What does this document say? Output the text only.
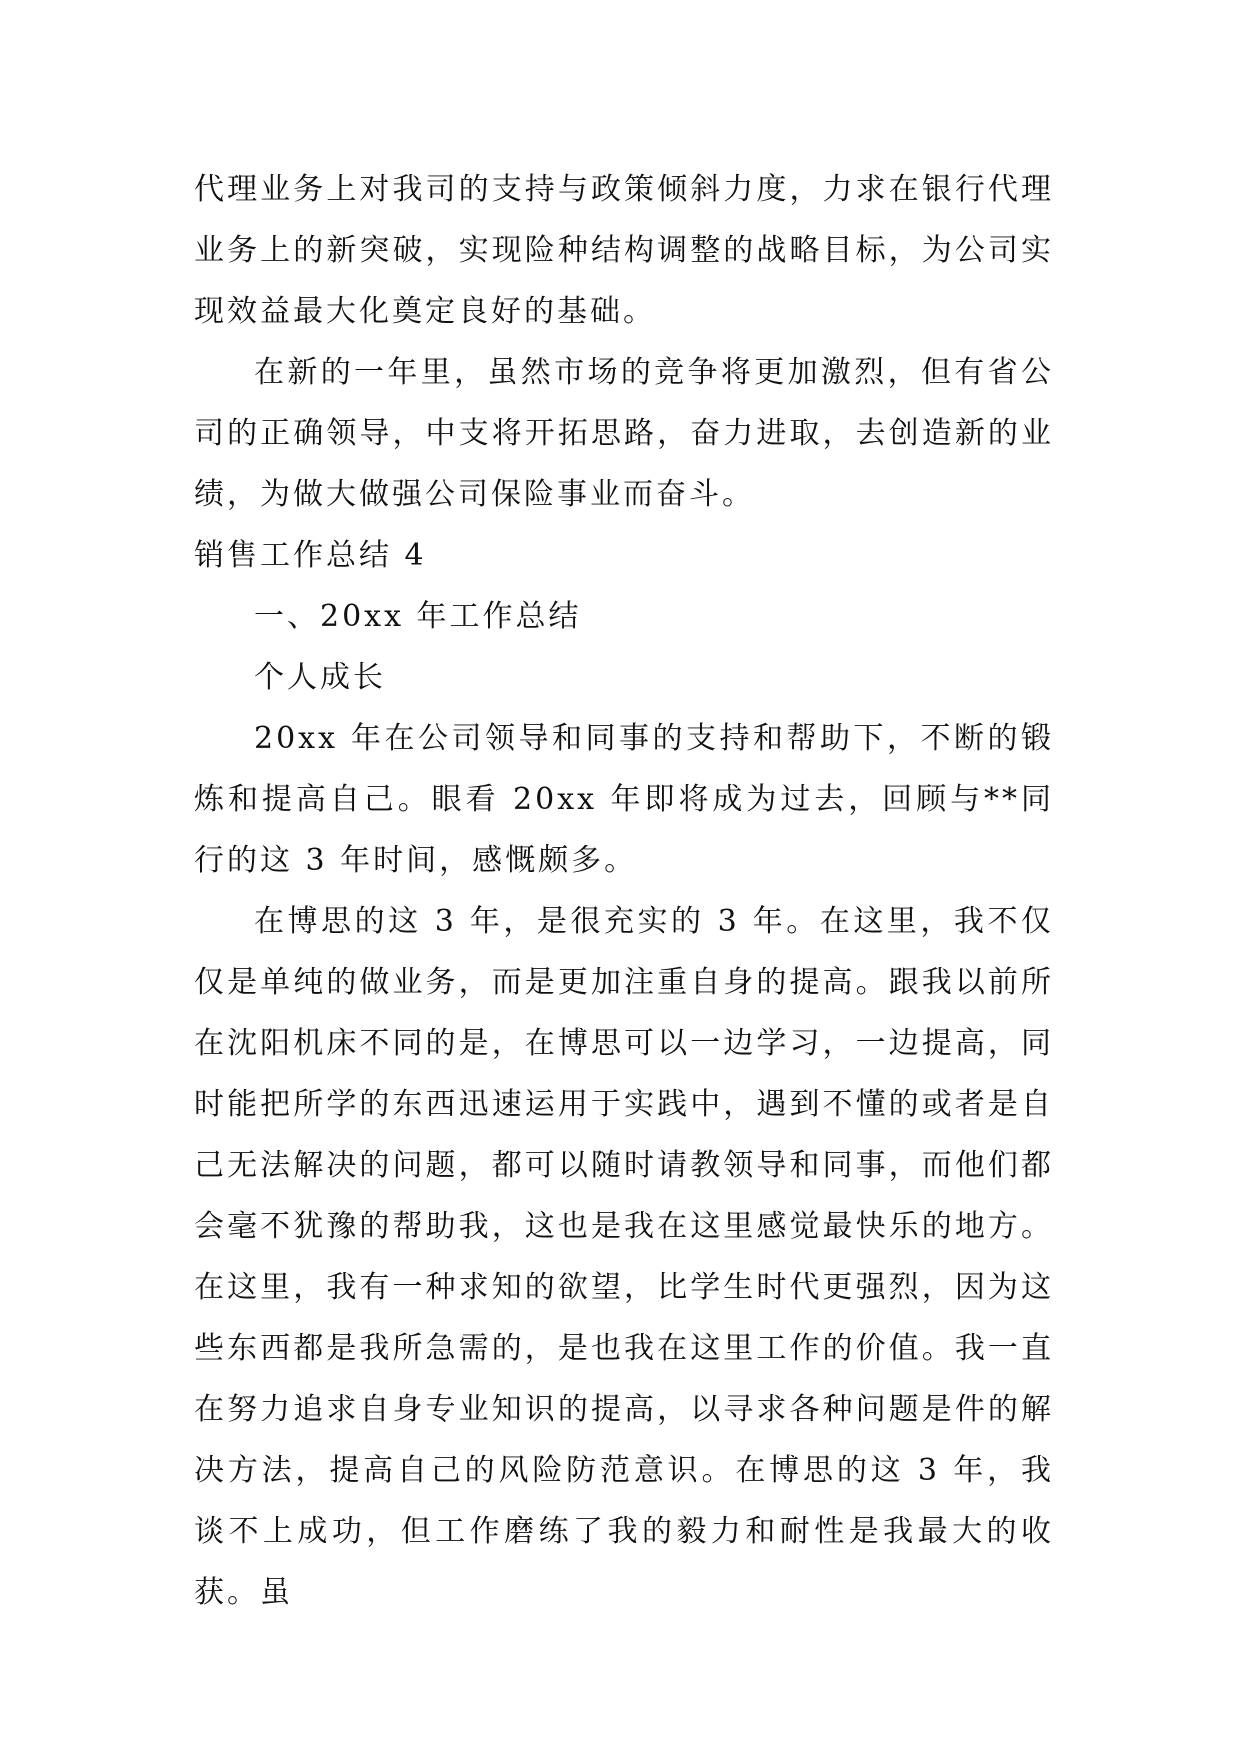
代理业务上对我司的支持与政策倾斜力度，力求在银行代理业务上的新突破，实现险种结构调整的战略目标，为公司实现效益最大化奠定良好的基础。

在新的一年里，虽然市场的竞争将更加激烈，但有省公司的正确领导，中支将开拓思路，奋力进取，去创造新的业绩，为做大做强公司保险事业而奋斗。

销售工作总结 4

一、20xx 年工作总结

个人成长

20xx 年在公司领导和同事的支持和帮助下，不断的锻炼和提高自己。眼看 20xx 年即将成为过去，回顾与**同行的这 3 年时间，感慨颇多。

在博思的这 3 年，是很充实的 3 年。在这里，我不仅仅是单纯的做业务，而是更加注重自身的提高。跟我以前所在沈阳机床不同的是，在博思可以一边学习，一边提高，同时能把所学的东西迅速运用于实践中，遇到不懂的或者是自己无法解决的问题，都可以随时请教领导和同事，而他们都会毫不犹豫的帮助我，这也是我在这里感觉最快乐的地方。在这里，我有一种求知的欲望，比学生时代更强烈，因为这些东西都是我所急需的，是也我在这里工作的价值。我一直在努力追求自身专业知识的提高，以寻求各种问题是件的解决方法，提高自己的风险防范意识。在博思的这 3 年，我谈不上成功，但工作磨练了我的毅力和耐性是我最大的收获。虽
